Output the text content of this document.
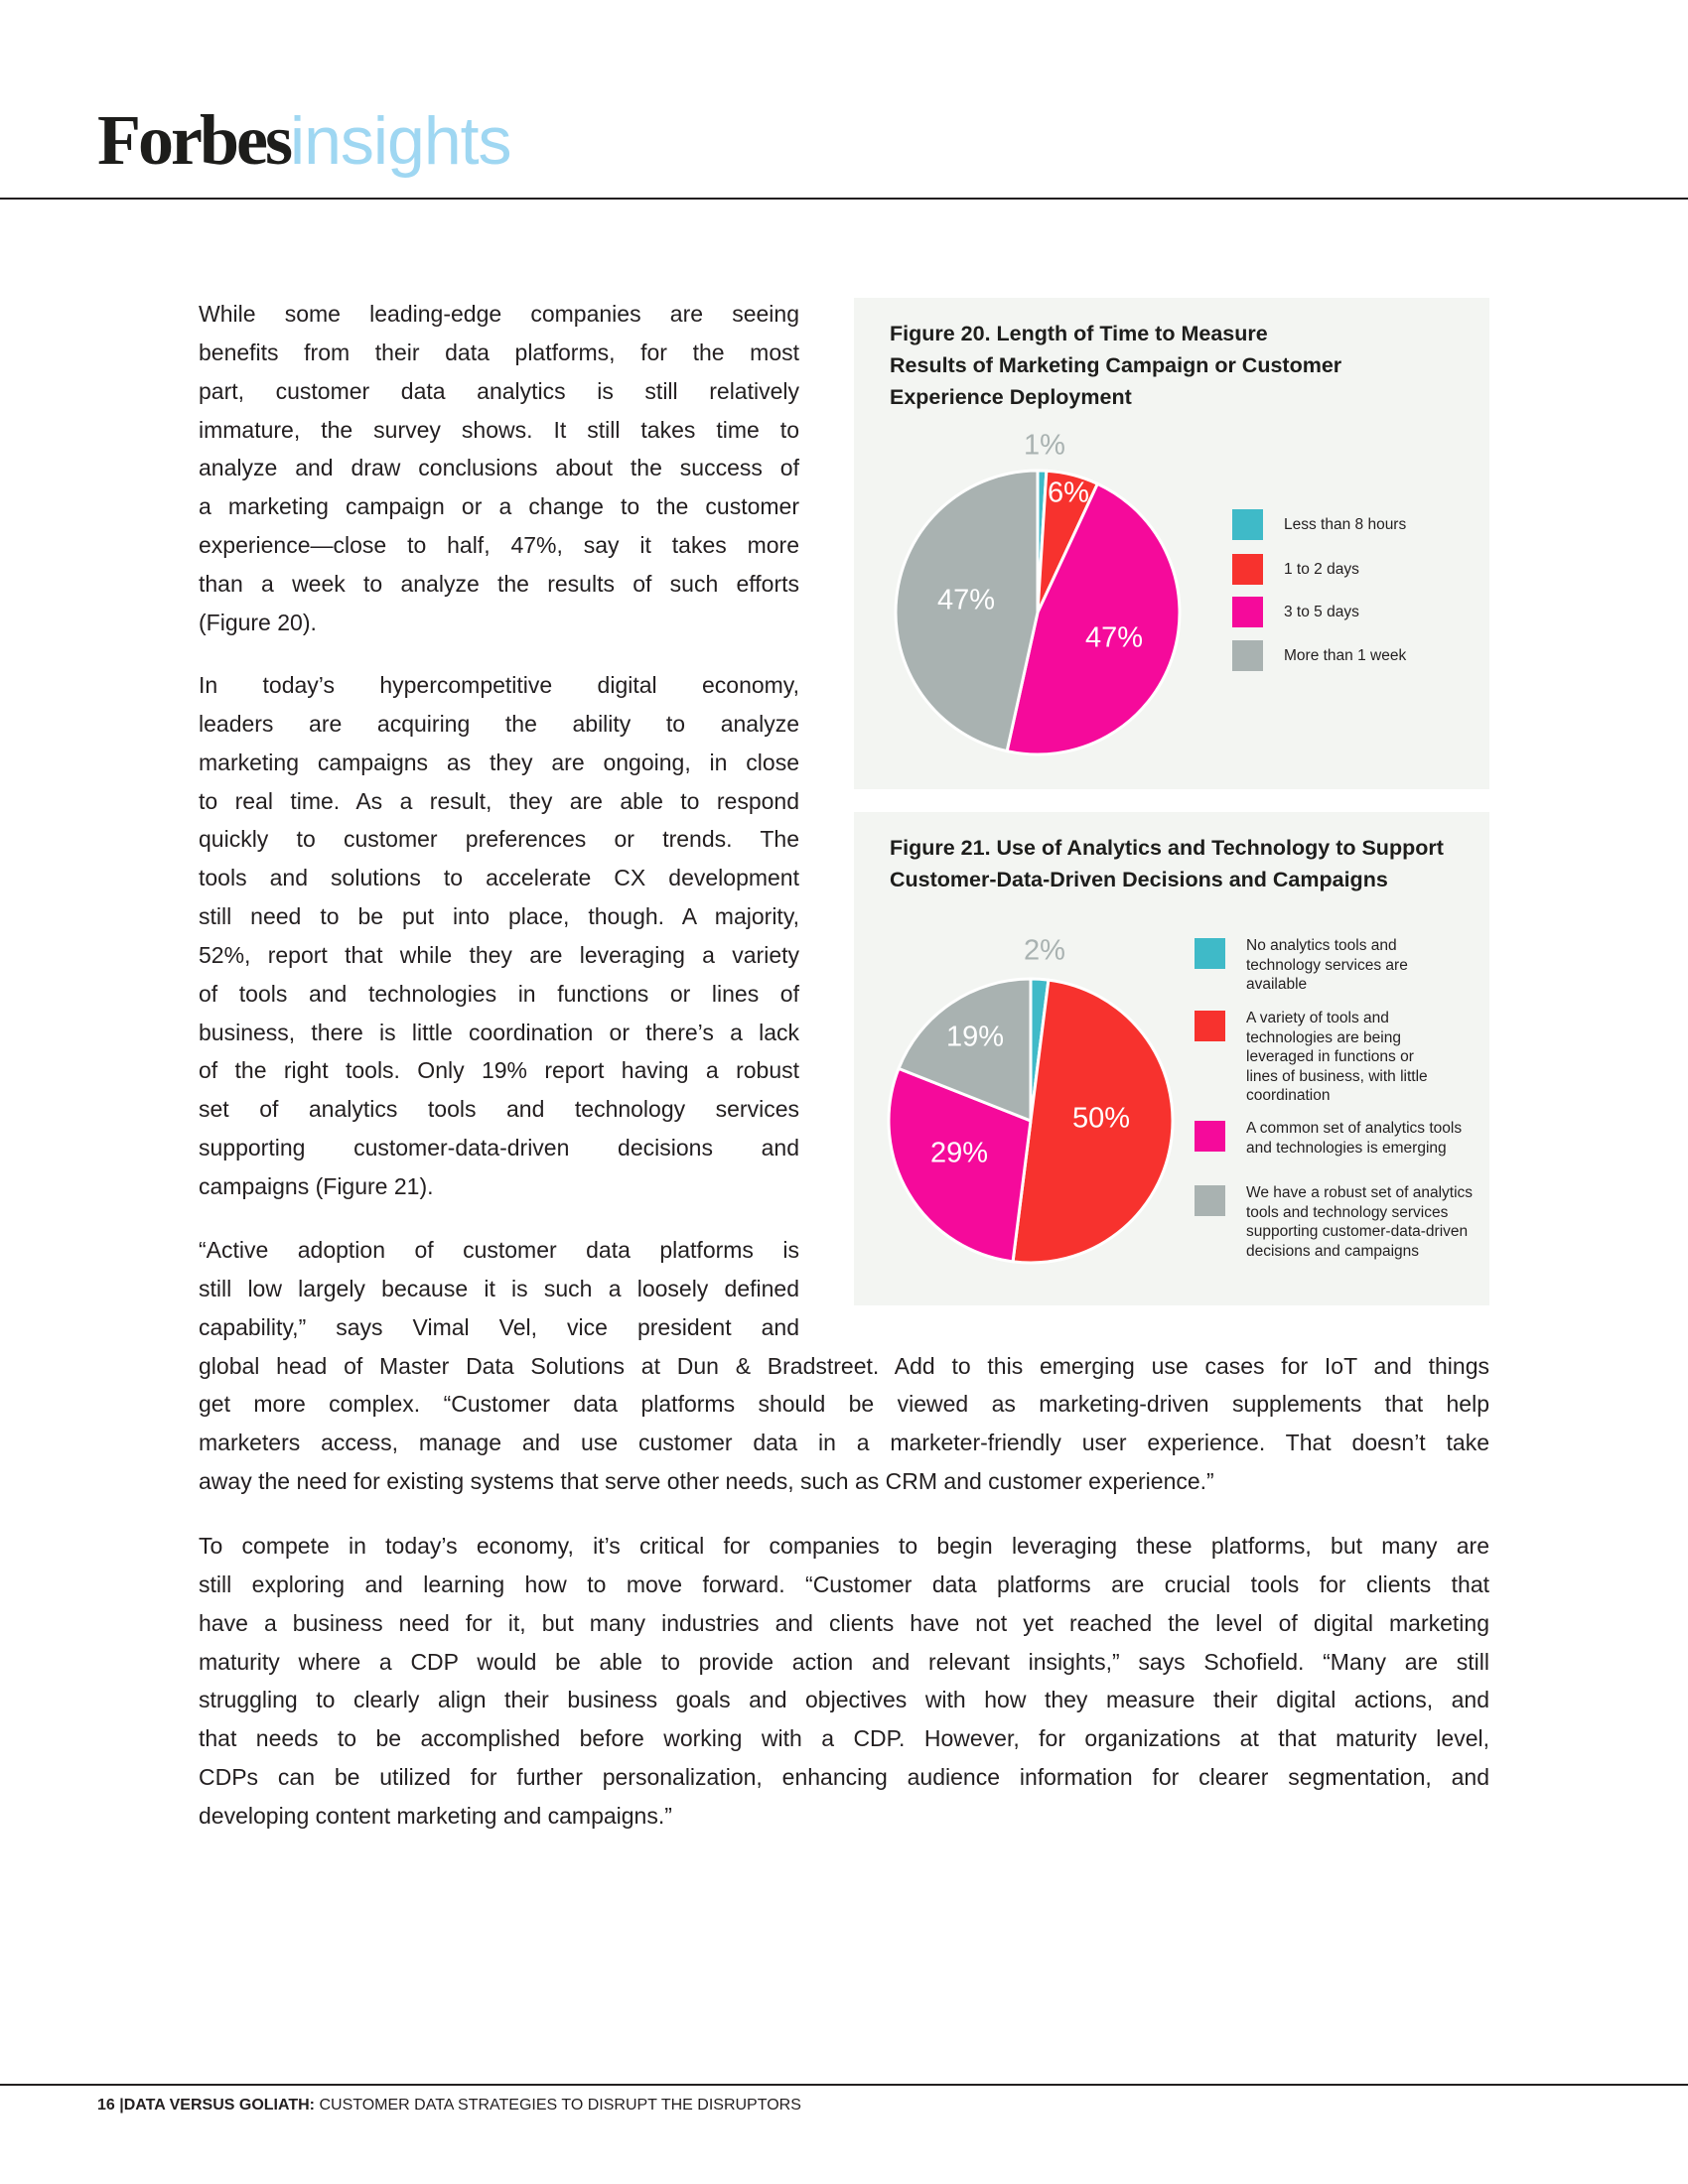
Forbesinsights
While some leading-edge companies are seeing
benefits from their data platforms, for the most
part, customer data analytics is still relatively
immature, the survey shows. It still takes time to
analyze and draw conclusions about the success of
a marketing campaign or a change to the customer
experience—close to half, 47%, say it takes more
than a week to analyze the results of such efforts
(Figure 20).
In today’s hypercompetitive digital economy,
leaders are acquiring the ability to analyze
marketing campaigns as they are ongoing, in close
to real time. As a result, they are able to respond
quickly to customer preferences or trends. The
tools and solutions to accelerate CX development
still need to be put into place, though. A majority,
52%, report that while they are leveraging a variety
of tools and technologies in functions or lines of
business, there is little coordination or there’s a lack
of the right tools. Only 19% report having a robust
set of analytics tools and technology services
supporting customer-data-driven decisions and
campaigns (Figure 21).
“Active adoption of customer data platforms is
still low largely because it is such a loosely defined
capability,” says Vimal Vel, vice president and
global head of Master Data Solutions at Dun & Bradstreet. Add to this emerging use cases for IoT and things
get more complex. “Customer data platforms should be viewed as marketing-driven supplements that help
marketers access, manage and use customer data in a marketer-friendly user experience. That doesn’t take
away the need for existing systems that serve other needs, such as CRM and customer experience.”
To compete in today’s economy, it’s critical for companies to begin leveraging these platforms, but many are
still exploring and learning how to move forward. “Customer data platforms are crucial tools for clients that
have a business need for it, but many industries and clients have not yet reached the level of digital marketing
maturity where a CDP would be able to provide action and relevant insights,” says Schofield. “Many are still
struggling to clearly align their business goals and objectives with how they measure their digital actions, and
that needs to be accomplished before working with a CDP. However, for organizations at that maturity level,
CDPs can be utilized for further personalization, enhancing audience information for clearer segmentation, and
developing content marketing and campaigns.”
Figure 20. Length of Time to Measure
Results of Marketing Campaign or Customer
Experience Deployment
1%
6%
47%
47%
Less than 8 hours
1 to 2 days
3 to 5 days
More than 1 week
Figure 21. Use of Analytics and Technology to Support
Customer-Data-Driven Decisions and Campaigns
2%
50%
29%
19%
No analytics tools and technology services are available
A variety of tools and technologies are being leveraged in functions or lines of business, with little coordination
A common set of analytics tools and technologies is emerging
We have a robust set of analytics tools and technology services supporting customer-data-driven decisions and campaigns
16 |DATA VERSUS GOLIATH: CUSTOMER DATA STRATEGIES TO DISRUPT THE DISRUPTORS
